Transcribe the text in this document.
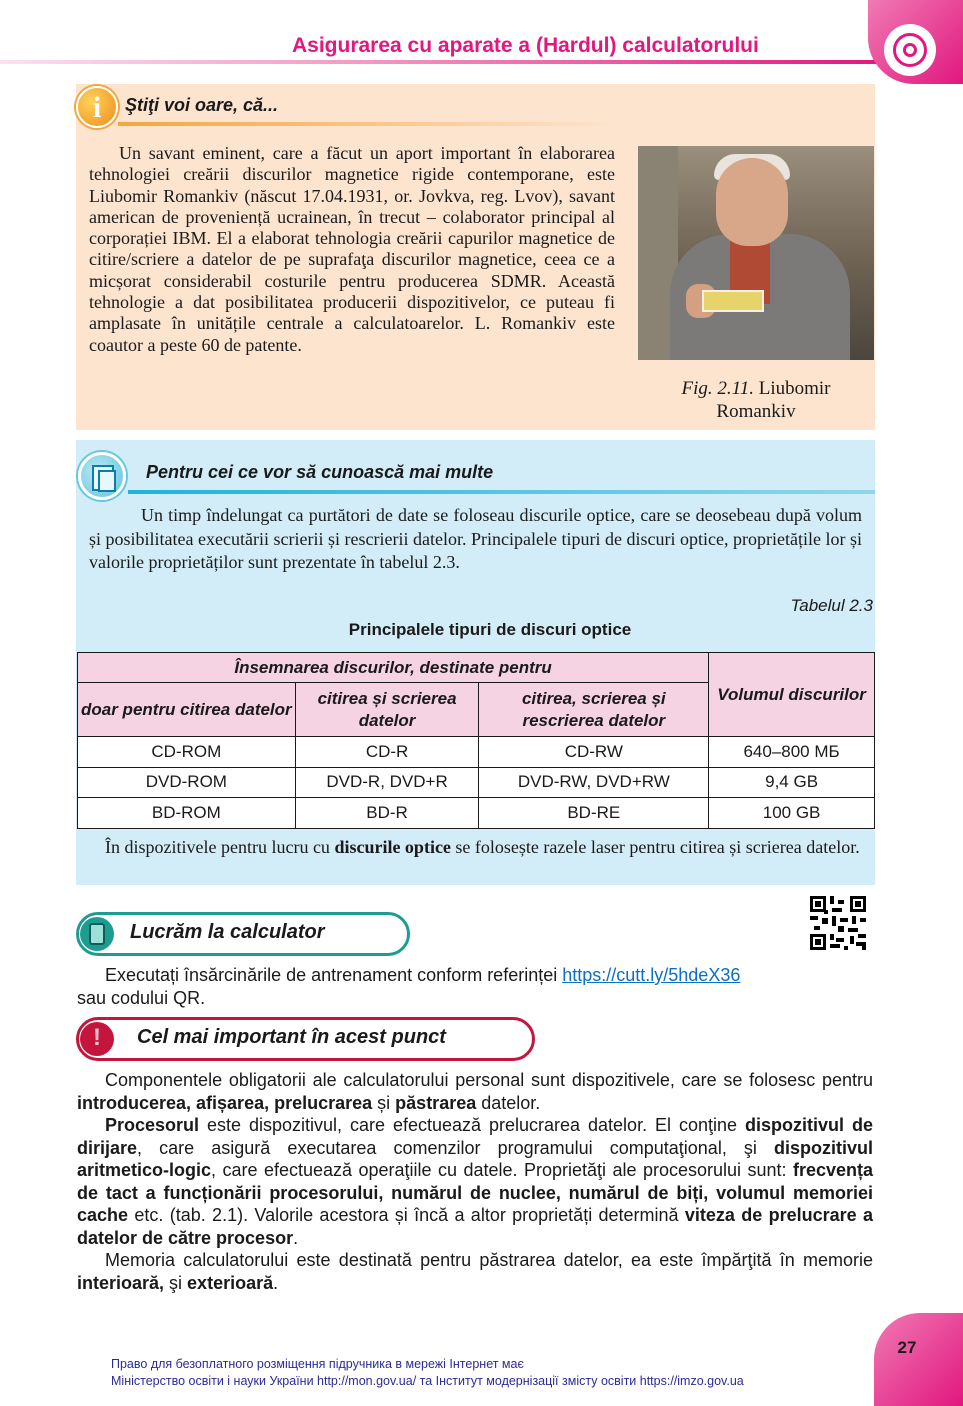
Asigurarea cu aparate a (Hardul) calculatorului
i	Ştiţi voi oare, că...
Un savant eminent, care a făcut un aport important în elaborarea tehnologiei creării discurilor magnetice rigide contemporane, este Liubomir Romankiv (născut 17.04.1931, or. Jovkva, reg. Lvov), savant american de proveniență ucrainean, în trecut – colaborator principal al corporației IBM. El a elaborat tehnologia creării capurilor magnetice de citire/scriere a datelor de pe suprafaţa discurilor magnetice, ceea ce a micșorat considerabil costurile pentru producerea SDMR. Această tehnologie a dat posibilitatea producerii dispozitivelor, ce puteau fi amplasate în unitățile centrale a calculatoarelor. L. Romankiv este coautor a peste 60 de patente.
Fig. 2.11. Liubomir Romankiv
Pentru cei ce vor să cunoască mai multe
Un timp îndelungat ca purtători de date se foloseau discurile optice, care se deosebeau după volum și posibilitatea executării scrierii și rescrierii datelor. Principalele tipuri de discuri optice, proprietățile lor și valorile proprietăților sunt prezentate în tabelul 2.3.
Tabelul 2.3
Principalele tipuri de discuri optice
Însemnarea discurilor, destinate pentru			Volumul discurilor
doar pentru citirea datelor	citirea și scrierea datelor	citirea, scrierea și rescrierea datelor	
CD-ROM	CD-R	CD-RW	640–800 МБ
DVD-ROM	DVD-R, DVD+R	DVD-RW, DVD+RW	9,4 GB
BD-ROM	BD-R	BD-RE	100 GB
În dispozitivele pentru lucru cu discurile optice se folosește razele laser pentru citirea și scrierea datelor.
Lucrăm la calculator
Executați însărcinările de antrenament conform referinței https://cutt.ly/5hdeX36
sau codului QR.
!	Cel mai important în acest punct
Componentele obligatorii ale calculatorului personal sunt dispozitivele, care se folosesc pentru introducerea, afișarea, prelucrarea și păstrarea datelor.
Procesorul este dispozitivul, care efectuează prelucrarea datelor. El conţine dispozitivul de dirijare, care asigură executarea comenzilor programului computaţional, şi dispozitivul aritmetico-logic, care efectuează operaţiile cu datele. Proprietăţi ale procesorului sunt: frecvența de tact a funcționării procesorului, numărul de nuclee, numărul de biți, volumul memoriei cache etc. (tab. 2.1). Valorile acestora și încă a altor proprietăți determină viteza de prelucrare a datelor de către procesor.
Memoria calculatorului este destinată pentru păstrarea datelor, ea este împărţită în memorie interioară, şi exterioară.
27
Право для безоплатного розміщення підручника в мережі Інтернет має
Міністерство освіти і науки України http://mon.gov.ua/ та Інститут модернізації змісту освіти https://imzo.gov.ua
